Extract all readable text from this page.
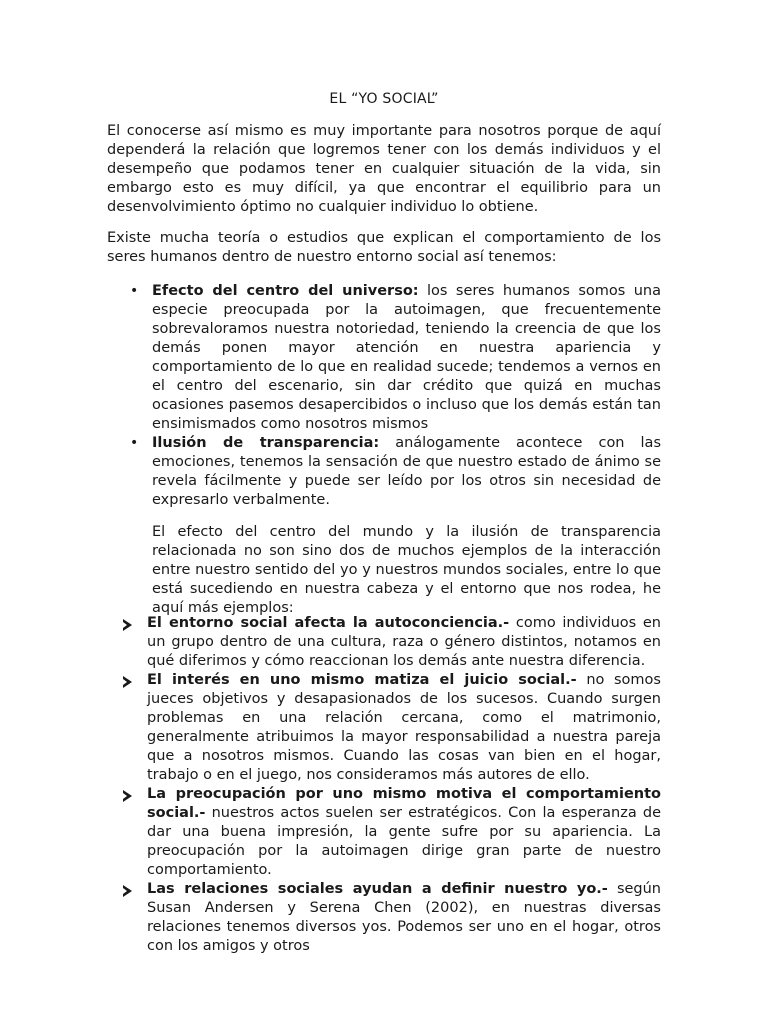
EL “YO SOCIAL”

El conocerse así mismo es muy importante para nosotros porque de aquí dependerá la relación que logremos tener con los demás individuos y el desempeño que podamos tener en cualquier situación de la vida, sin embargo esto es muy difícil, ya que encontrar el equilibrio para un desenvolvimiento óptimo no cualquier individuo lo obtiene.

Existe mucha teoría o estudios que explican el comportamiento de los seres humanos dentro de nuestro entorno social así tenemos:

• Efecto del centro del universo: los seres humanos somos una especie preocupada por la autoimagen, que frecuentemente sobrevaloramos nuestra notoriedad, teniendo la creencia de que los demás ponen mayor atención en nuestra apariencia y comportamiento de lo que en realidad sucede; tendemos a vernos en el centro del escenario, sin dar crédito que quizá en muchas ocasiones pasemos desapercibidos o incluso que los demás están tan ensimismados como nosotros mismos
• Ilusión de transparencia: análogamente acontece con las emociones, tenemos la sensación de que nuestro estado de ánimo se revela fácilmente y puede ser leído por los otros sin necesidad de expresarlo verbalmente.

El efecto del centro del mundo y la ilusión de transparencia relacionada no son sino dos de muchos ejemplos de la interacción entre nuestro sentido del yo y nuestros mundos sociales, entre lo que está sucediendo en nuestra cabeza y el entorno que nos rodea, he aquí más ejemplos:

El entorno social afecta la autoconciencia.- como individuos en un grupo dentro de una cultura, raza o género distintos, notamos en qué diferimos y cómo reaccionan los demás ante nuestra diferencia.
El interés en uno mismo matiza el juicio social.- no somos jueces objetivos y desapasionados de los sucesos. Cuando surgen problemas en una relación cercana, como el matrimonio, generalmente atribuimos la mayor responsabilidad a nuestra pareja que a nosotros mismos. Cuando las cosas van bien en el hogar, trabajo o en el juego, nos consideramos más autores de ello.
La preocupación por uno mismo motiva el comportamiento social.- nuestros actos suelen ser estratégicos. Con la esperanza de dar una buena impresión, la gente sufre por su apariencia. La preocupación por la autoimagen dirige gran parte de nuestro comportamiento.
Las relaciones sociales ayudan a definir nuestro yo.- según Susan Andersen y Serena Chen (2002), en nuestras diversas relaciones tenemos diversos yos. Podemos ser uno en el hogar, otros con los amigos y otros
